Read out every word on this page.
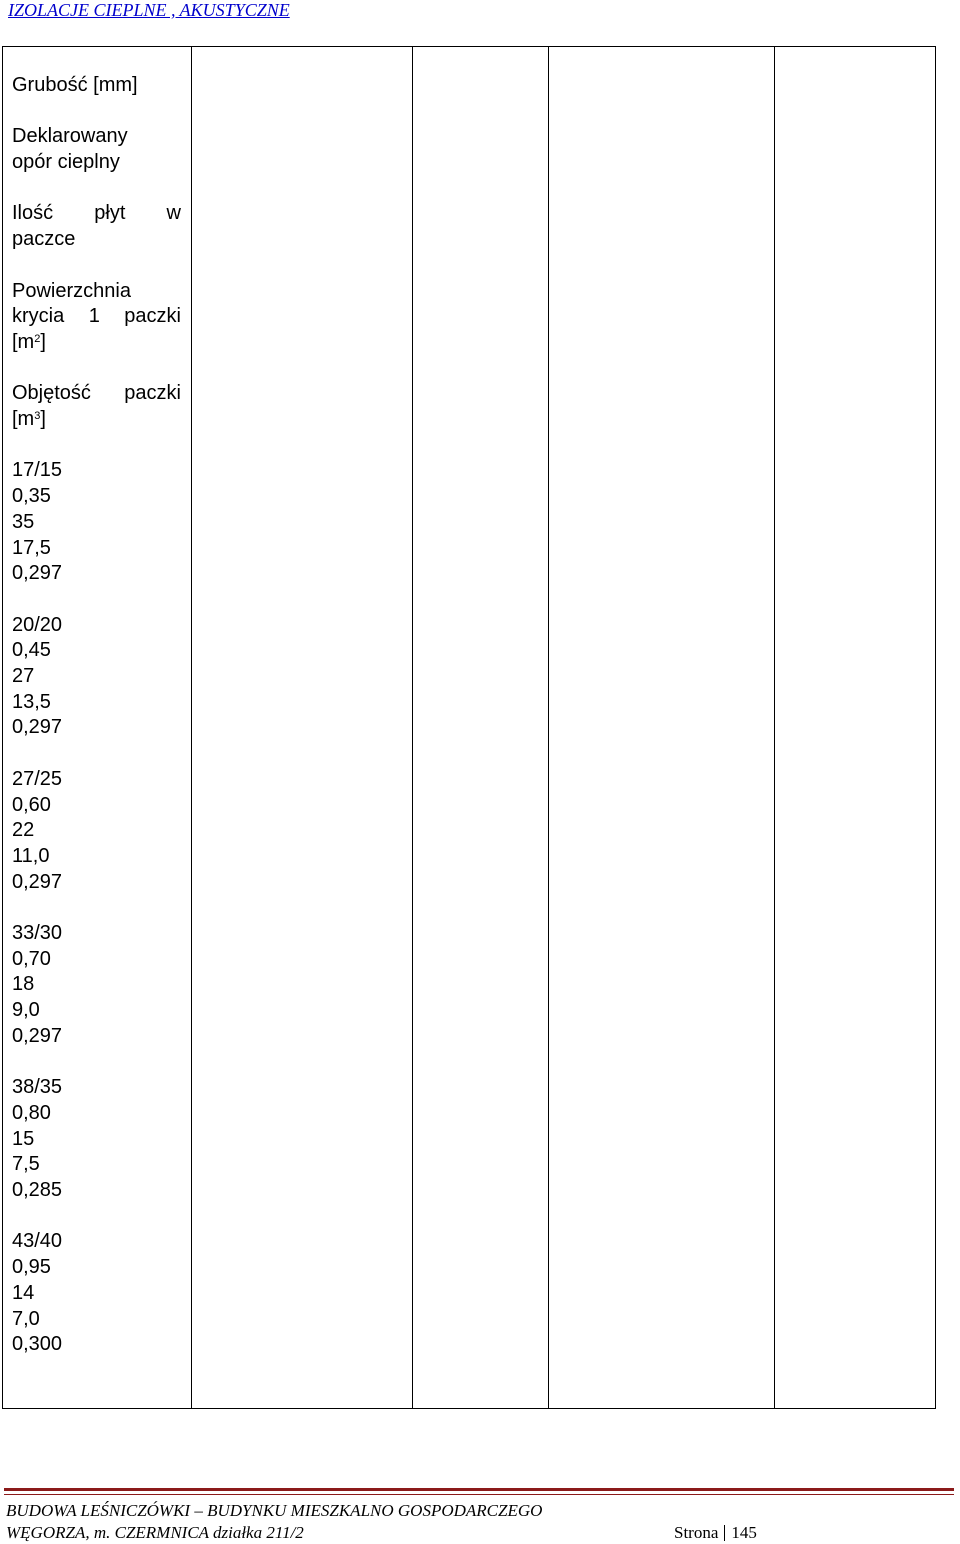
IZOLACJE CIEPLNE , AKUSTYCZNE

Grubość [mm]

Deklarowany

opór cieplny

Ilość płyt w

paczce

Powierzchnia

krycia 1 paczki

$[m^2]$

Objętość paczki

$[m^3]$

17/15

0,35

35

17,5

0,297

20/20

0,45

27

13,5

0,297

27/25

0,60

22

11,0

0,297

33/30

0,70

18

9,0

0,297

38/35

0,80

15

7,5

0,285

43/40

0,95

14

7,0

0,300

BUDOWA LEŚNICZÓWKI – BUDYNKU MIESZKALNO GOSPODARCZEGO
WĘGORZA, m. CZERMNICA działka 211/2	Strona 145
